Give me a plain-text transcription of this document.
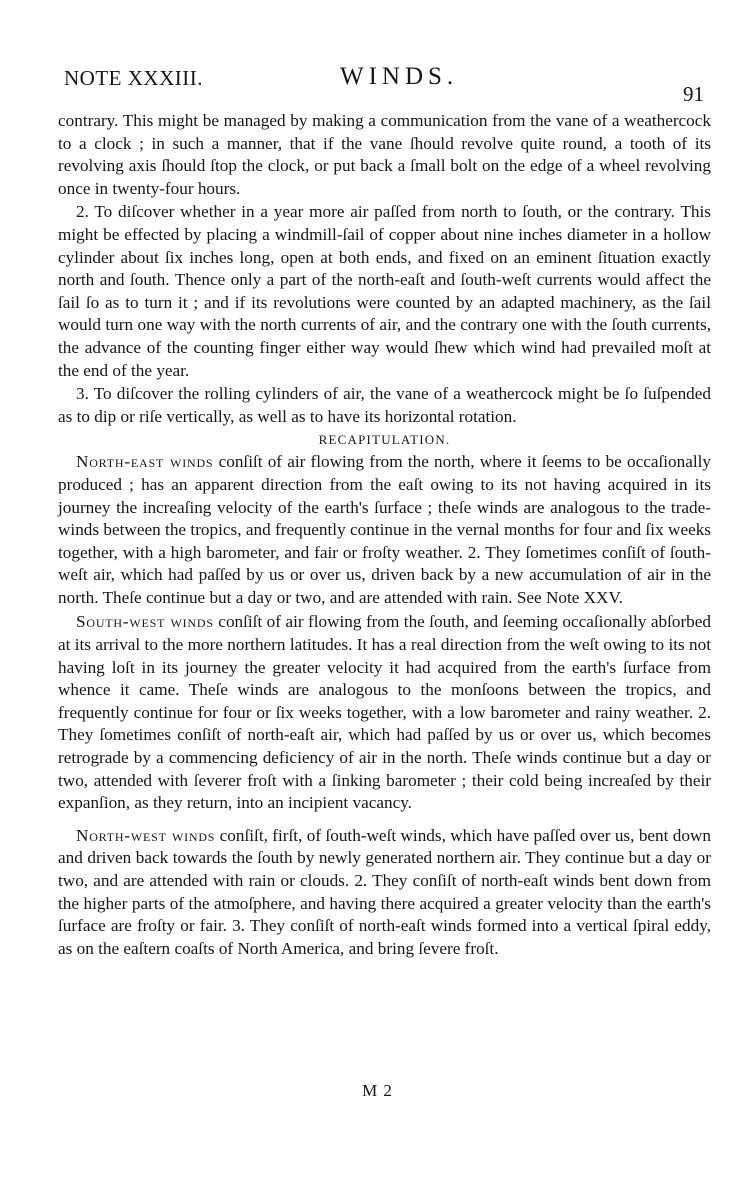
NOTE XXXIII.	WINDS.
91

contrary. This might be managed by making a communication from the vane of a weathercock to a clock ; in such a manner, that if the vane ſhould revolve quite round, a tooth of its revolving axis ſhould ſtop the clock, or put back a ſmall bolt on the edge of a wheel revolving once in twenty-four hours.

2. To diſcover whether in a year more air paſſed from north to ſouth, or the contrary. This might be effected by placing a windmill-ſail of copper about nine inches diameter in a hollow cylinder about ſix inches long, open at both ends, and fixed on an eminent ſituation exactly north and ſouth. Thence only a part of the north-eaſt and ſouth-weſt currents would affect the ſail ſo as to turn it ; and if its revolutions were counted by an adapted machinery, as the ſail would turn one way with the north currents of air, and the contrary one with the ſouth currents, the advance of the counting finger either way would ſhew which wind had prevailed moſt at the end of the year.

3. To diſcover the rolling cylinders of air, the vane of a weathercock might be ſo ſuſpended as to dip or riſe vertically, as well as to have its horizontal rotation.

RECAPITULATION.

North-east winds conſiſt of air flowing from the north, where it ſeems to be occaſionally produced ; has an apparent direction from the eaſt owing to its not having acquired in its journey the increaſing velocity of the earth's ſurface ; theſe winds are analogous to the trade-winds between the tropics, and frequently continue in the vernal months for four and ſix weeks together, with a high barometer, and fair or froſty weather. 2. They ſometimes conſiſt of ſouth-weſt air, which had paſſed by us or over us, driven back by a new accumulation of air in the north. Theſe continue but a day or two, and are attended with rain. See Note XXV.

South-west winds conſiſt of air flowing from the ſouth, and ſeeming occaſionally abſorbed at its arrival to the more northern latitudes. It has a real direction from the weſt owing to its not having loſt in its journey the greater velocity it had acquired from the earth's ſurface from whence it came. Theſe winds are analogous to the monſoons between the tropics, and frequently continue for four or ſix weeks together, with a low barometer and rainy weather. 2. They ſometimes conſiſt of north-eaſt air, which had paſſed by us or over us, which becomes retrograde by a commencing deficiency of air in the north. Theſe winds continue but a day or two, attended with ſeverer froſt with a ſinking barometer ; their cold being increaſed by their expanſion, as they return, into an incipient vacancy.

North-west winds conſiſt, firſt, of ſouth-weſt winds, which have paſſed over us, bent down and driven back towards the ſouth by newly generated northern air. They continue but a day or two, and are attended with rain or clouds. 2. They conſiſt of north-eaſt winds bent down from the higher parts of the atmoſphere, and having there acquired a greater velocity than the earth's ſurface are froſty or fair. 3. They conſiſt of north-eaſt winds formed into a vertical ſpiral eddy, as on the eaſtern coaſts of North America, and bring ſevere froſt.

M 2
